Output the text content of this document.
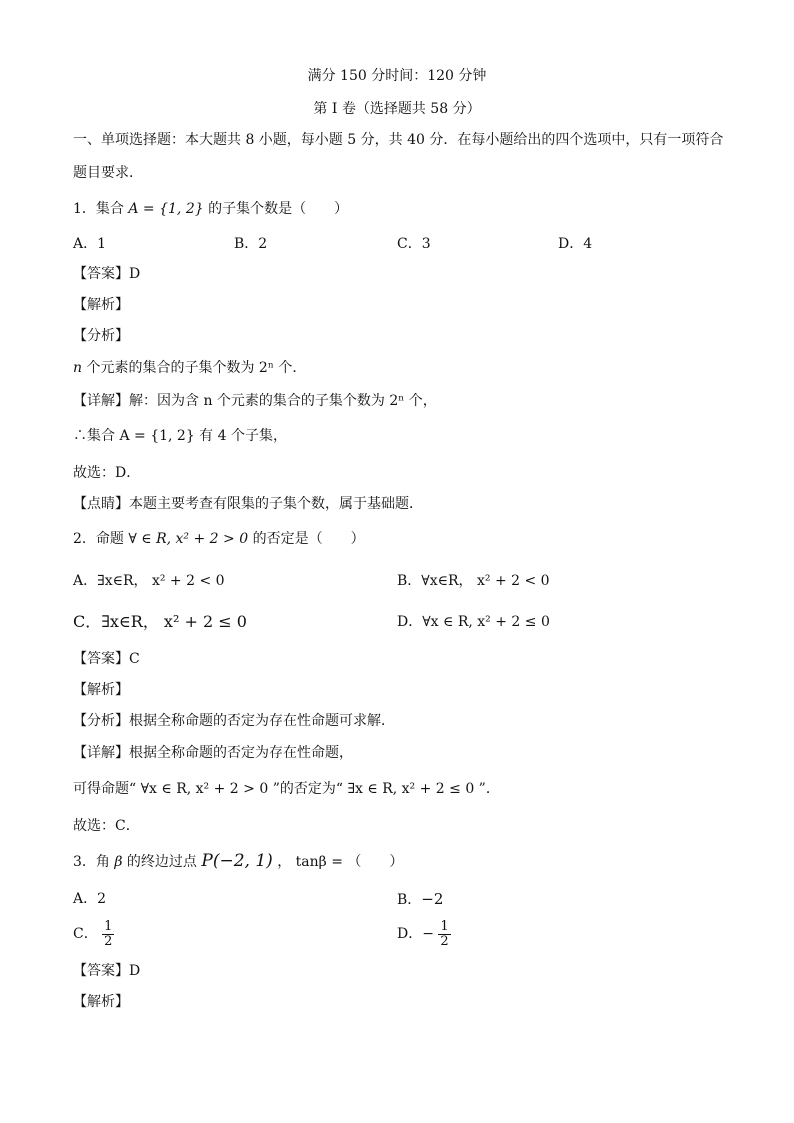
满分 150 分时间：120 分钟
第 I 卷（选择题共 58 分）
一、单项选择题：本大题共 8 小题，每小题 5 分，共 40 分．在每小题给出的四个选项中，只有一项符合
题目要求．
1．集合 A = {1, 2} 的子集个数是（　　）
A．1	B．2	C．3	D．4
【答案】D
【解析】
【分析】
n 个元素的集合的子集个数为 2ⁿ 个．
【详解】解：因为含 n 个元素的集合的子集个数为 2ⁿ 个，
∴集合 A = {1, 2} 有 4 个子集，
故选：D．
【点睛】本题主要考查有限集的子集个数，属于基础题．
2．命题 ∀ ∈ R, x² + 2 > 0 的否定是（　　）
A．∃x∈R， x² + 2 < 0	B．∀x∈R， x² + 2 < 0
C．∃x∈R， x² + 2 ≤ 0	D．∀x ∈ R, x² + 2 ≤ 0
【答案】C
【解析】
【分析】根据全称命题的否定为存在性命题可求解．
【详解】根据全称命题的否定为存在性命题，
可得命题“ ∀x ∈ R, x² + 2 > 0 ”的否定为“ ∃x ∈ R, x² + 2 ≤ 0 ”．
故选：C．
3．角 β 的终边过点 P(−2, 1) ， tanβ = （　　）
A．2	B．−2
C． $\frac{1}{2}$	D．− $\frac{1}{2}$
【答案】D
【解析】
